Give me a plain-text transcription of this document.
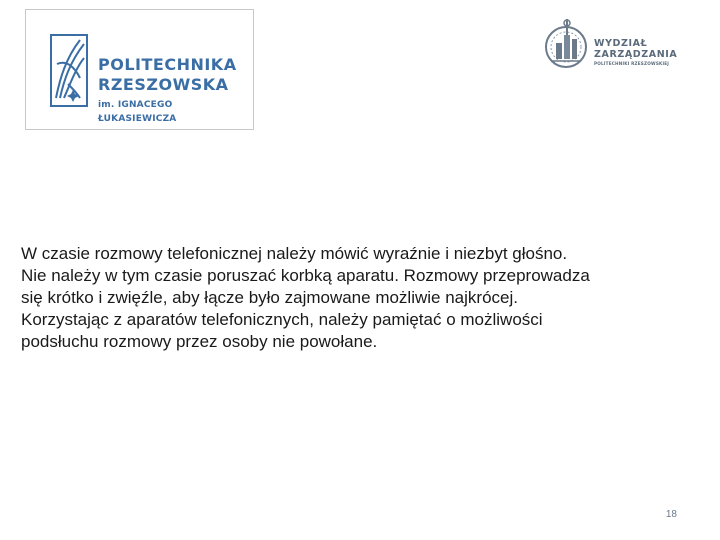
POLITECHNIKA
RZESZOWSKA
im. IGNACEGO ŁUKASIEWICZA
WYDZIAŁ
ZARZĄDZANIA
POLITECHNIKI RZESZOWSKIEJ

W czasie rozmowy telefonicznej należy mówić wyraźnie i niezbyt głośno.
Nie należy w tym czasie poruszać korbką aparatu. Rozmowy przeprowadza
się krótko i zwięźle, aby łącze było zajmowane możliwie najkrócej.
Korzystając z aparatów telefonicznych, należy pamiętać o możliwości
podsłuchu rozmowy przez osoby nie powołane.

18
